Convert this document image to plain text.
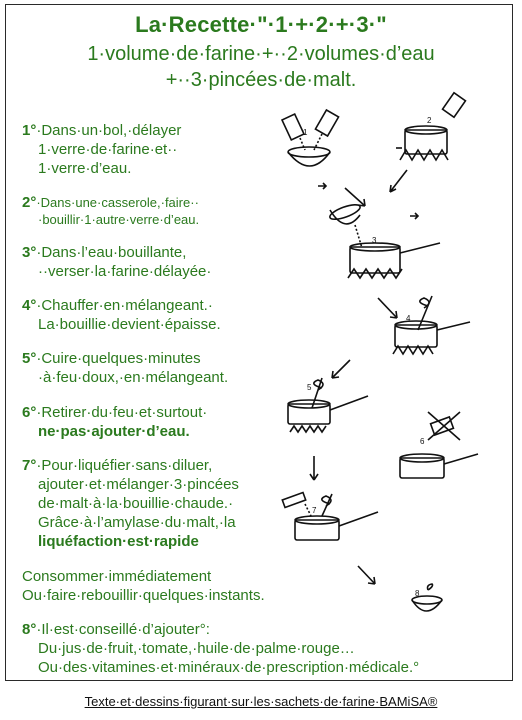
La·Recette·"·1·+·2·+·3·"
1·volume·de·farine·+··2·volumes·d’eau
+··3·pincées·de·malt.
1°·Dans·un·bol,·délayer
1·verre·de·farine·et··
1·verre·d’eau.
2°·Dans·une·casserole,·faire··
·bouillir·1·autre·verre·d’eau.
3°·Dans·l’eau·bouillante,
··verser·la·farine·délayée·
4°·Chauffer·en·mélangeant.·
La·bouillie·devient·épaisse.
5°·Cuire·quelques·minutes
·à·feu·doux,·en·mélangeant.
6°·Retirer·du·feu·et·surtout·
ne·pas·ajouter·d’eau.
7°·Pour·liquéfier·sans·diluer,
ajouter·et·mélanger·3·pincées
de·malt·à·la·bouillie·chaude.·
Grâce·à·l’amylase·du·malt,·la
liquéfaction·est·rapide
Consommer·immédiatement
Ou·faire·rebouillir·quelques·instants.
8°·Il·est·conseillé·d’ajouter°:
Du·jus·de·fruit,·tomate,·huile·de·palme·rouge…
Ou·des·vitamines·et·minéraux·de·prescription·médicale.°
Texte·et·dessins·figurant·sur·les·sachets·de·farine·BAMiSA®
1
2
3
4
5
6
7
8
